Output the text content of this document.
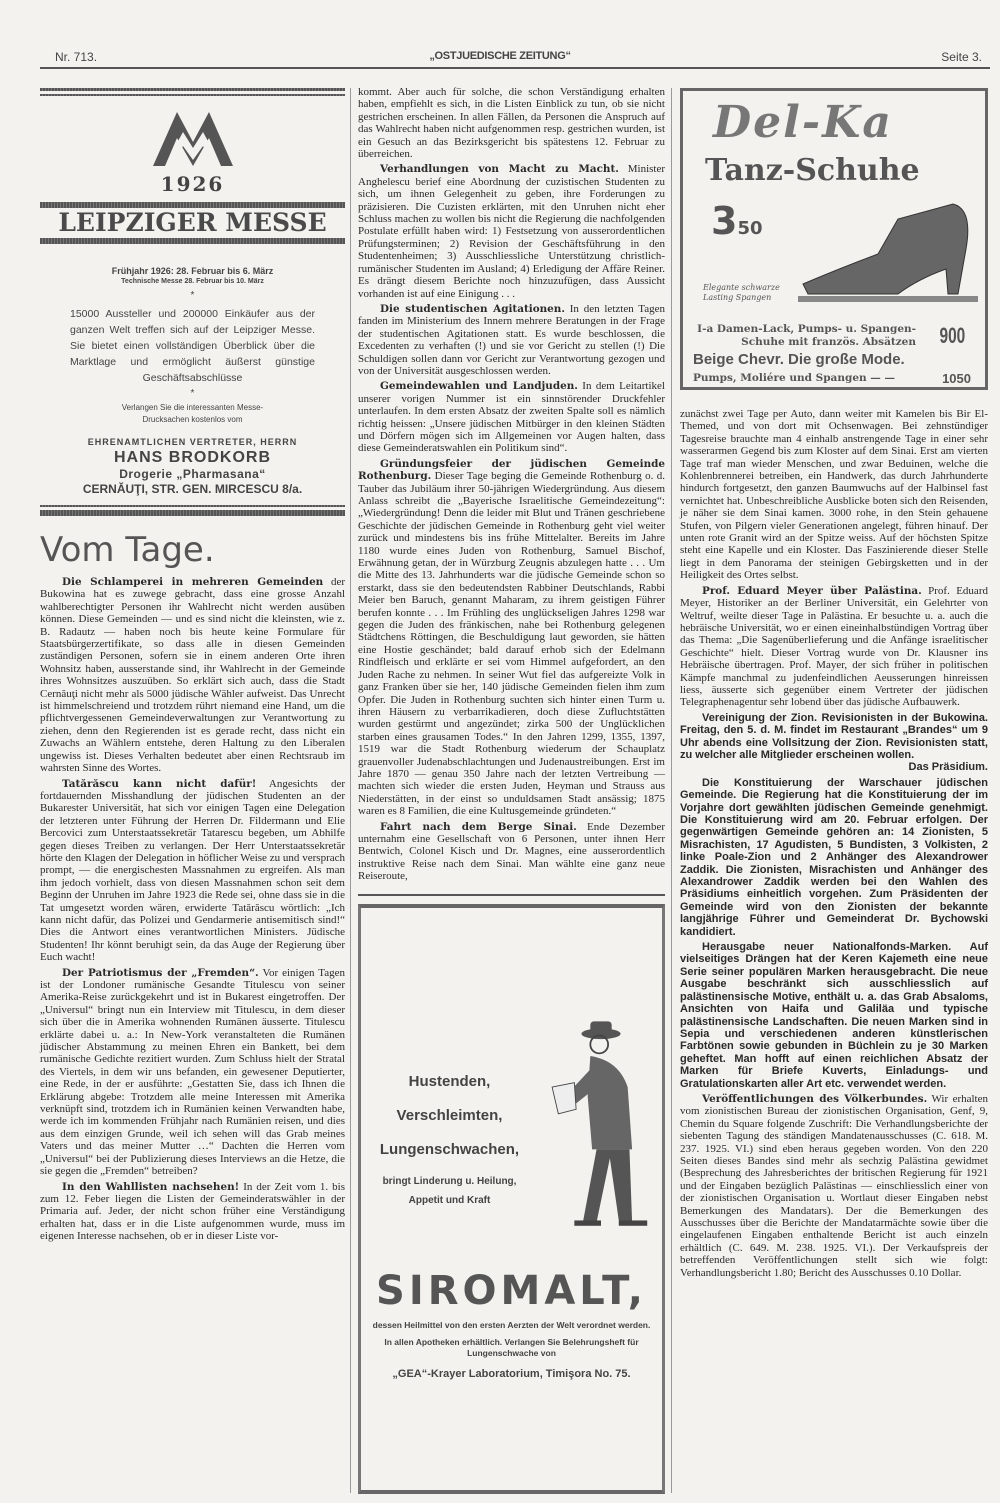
Nr. 713.	„OSTJUEDISCHE ZEITUNG“	Seite 3.
1926
LEIPZIGER MESSE
Frühjahr 1926: 28. Februar bis 6. März
Technische Messe 28. Februar bis 10. März
*
15000 Aussteller und 200000 Einkäufer aus der ganzen Welt treffen sich auf der Leipziger Messe. Sie bietet einen vollständigen Überblick über die Marktlage und ermöglicht äußerst günstige Geschäftsabschlüsse
*
Verlangen Sie die interessanten Messe-Drucksachen kostenlos vom
EHRENAMTLICHEN VERTRETER, HERRN
HANS BRODKORB
Drogerie „Pharmasana“
CERNĂUŢI, STR. GEN. MIRCESCU 8/a.
Vom Tage.

Die Schlamperei in mehreren Gemeinden der Bukowina hat es zuwege gebracht, dass eine grosse Anzahl wahlberechtigter Personen ihr Wahlrecht nicht werden ausüben können. Diese Gemeinden — und es sind nicht die kleinsten, wie z. B. Radautz — haben noch bis heute keine Formulare für Staatsbürgerzertifikate, so dass alle in diesen Gemeinden zuständigen Personen, sofern sie in einem anderen Orte ihren Wohnsitz haben, ausserstande sind, ihr Wahlrecht in der Gemeinde ihres Wohnsitzes auszuüben. So erklärt sich auch, dass die Stadt Cernăuţi nicht mehr als 5000 jüdische Wähler aufweist. Das Unrecht ist himmelschreiend und trotzdem rührt niemand eine Hand, um die pflichtvergessenen Gemeindeverwaltungen zur Verantwortung zu ziehen, denn den Regierenden ist es gerade recht, dass nicht ein Zuwachs an Wählern entstehe, deren Haltung zu den Liberalen ungewiss ist. Dieses Verhalten bedeutet aber einen Rechtsraub im wahrsten Sinne des Wortes.

Tatărăscu kann nicht dafür! Angesichts der fortdauernden Misshandlung der jüdischen Studenten an der Bukarester Universität, hat sich vor einigen Tagen eine Delegation der letzteren unter Führung der Herren Dr. Fildermann und Elie Bercovici zum Unterstaatssekretär Tatarescu begeben, um Abhilfe gegen dieses Treiben zu verlangen. Der Herr Unterstaatssekretär hörte den Klagen der Delegation in höflicher Weise zu und versprach prompt, — die energischesten Massnahmen zu ergreifen. Als man ihm jedoch vorhielt, dass von diesen Massnahmen schon seit dem Beginn der Unruhen im Jahre 1923 die Rede sei, ohne dass sie in die Tat umgesetzt worden wären, erwiderte Tatărăscu wörtlich: „Ich kann nicht dafür, das Polizei und Gendarmerie antisemitisch sind!“ Dies die Antwort eines verantwortlichen Ministers. Jüdische Studenten! Ihr könnt beruhigt sein, da das Auge der Regierung über Euch wacht!

Der Patriotismus der „Fremden“. Vor einigen Tagen ist der Londoner rumänische Gesandte Titulescu von seiner Amerika-Reise zurückgekehrt und ist in Bukarest eingetroffen. Der „Universul“ bringt nun ein Interview mit Titulescu, in dem dieser sich über die in Amerika wohnenden Rumänen äusserte. Titulescu erklärte dabei u. a.: In New-York veranstalteten die Rumänen jüdischer Abstammung zu meinen Ehren ein Bankett, bei dem rumänische Gedichte rezitiert wurden. Zum Schluss hielt der Stratal des Viertels, in dem wir uns befanden, ein gewesener Deputierter, eine Rede, in der er ausführte: „Gestatten Sie, dass ich Ihnen die Erklärung abgebe: Trotzdem alle meine Interessen mit Amerika verknüpft sind, trotzdem ich in Rumänien keinen Verwandten habe, werde ich im kommenden Frühjahr nach Rumänien reisen, und dies aus dem einzigen Grunde, weil ich sehen will das Grab meines Vaters und das meiner Mutter …“ Dachten die Herren vom „Universul“ bei der Publizierung dieses Interviews an die Hetze, die sie gegen die „Fremden“ betreiben?

In den Wahllisten nachsehen! In der Zeit vom 1. bis zum 12. Feber liegen die Listen der Gemeinderatswähler in der Primaria auf. Jeder, der nicht schon früher eine Verständigung erhalten hat, dass er in die Liste aufgenommen wurde, muss im eigenen Interesse nachsehen, ob er in dieser Liste vor-

kommt. Aber auch für solche, die schon Verständigung erhalten haben, empfiehlt es sich, in die Listen Einblick zu tun, ob sie nicht gestrichen erscheinen. In allen Fällen, da Personen die Anspruch auf das Wahlrecht haben nicht aufgenommen resp. gestrichen wurden, ist ein Gesuch an das Bezirksgericht bis spätestens 12. Februar zu überreichen.

Verhandlungen von Macht zu Macht. Minister Anghelescu berief eine Abordnung der cuzistischen Studenten zu sich, um ihnen Gelegenheit zu geben, ihre Forderungen zu präzisieren. Die Cuzisten erklärten, mit den Unruhen nicht eher Schluss machen zu wollen bis nicht die Regierung die nachfolgenden Postulate erfüllt haben wird: 1) Festsetzung von ausserordentlichen Prüfungsterminen; 2) Revision der Geschäftsführung in den Studentenheimen; 3) Ausschliessliche Unterstützung christlich-rumänischer Studenten im Ausland; 4) Erledigung der Affäre Reiner. Es drängt diesem Berichte noch hinzuzufügen, dass Aussicht vorhanden ist auf eine Einigung . . .

Die studentischen Agitationen. In den letzten Tagen fanden im Ministerium des Innern mehrere Beratungen in der Frage der studentischen Agitationen statt. Es wurde beschlossen, die Excedenten zu verhaften (!) und sie vor Gericht zu stellen (!) Die Schuldigen sollen dann vor Gericht zur Verantwortung gezogen und von der Universität ausgeschlossen werden.

Gemeindewahlen und Landjuden. In dem Leitartikel unserer vorigen Nummer ist ein sinnstörender Druckfehler unterlaufen. In dem ersten Absatz der zweiten Spalte soll es nämlich richtig heissen: „Unsere jüdischen Mitbürger in den kleinen Städten und Dörfern mögen sich im Allgemeinen vor Augen halten, dass diese Gemeinderatswahlen ein Politikum sind“.

Gründungsfeier der jüdischen Gemeinde Rothenburg. Dieser Tage beging die Gemeinde Rothenburg o. d. Tauber das Jubiläum ihrer 50-jährigen Wiedergründung. Aus diesem Anlass schreibt die „Bayerische Israelitische Gemeindezeitung“: „Wiedergründung! Denn die leider mit Blut und Tränen geschriebene Geschichte der jüdischen Gemeinde in Rothenburg geht viel weiter zurück und mindestens bis ins frühe Mittelalter. Bereits im Jahre 1180 wurde eines Juden von Rothenburg, Samuel Bischof, Erwähnung getan, der in Würzburg Zeugnis abzulegen hatte . . . Um die Mitte des 13. Jahrhunderts war die jüdische Gemeinde schon so erstarkt, dass sie den bedeutendsten Rabbiner Deutschlands, Rabbi Meier ben Baruch, genannt Maharam, zu ihrem geistigen Führer berufen konnte . . . Im Frühling des unglückseligen Jahres 1298 war gegen die Juden des fränkischen, nahe bei Rothenburg gelegenen Städtchens Röttingen, die Beschuldigung laut geworden, sie hätten eine Hostie geschändet; bald darauf erhob sich der Edelmann Rindfleisch und erklärte er sei vom Himmel aufgefordert, an den Juden Rache zu nehmen. In seiner Wut fiel das aufgereizte Volk in ganz Franken über sie her, 140 jüdische Gemeinden fielen ihm zum Opfer. Die Juden in Rothenburg suchten sich hinter einen Turm u. ihren Häusern zu verbarrikadieren, doch diese Zufluchtstätten wurden gestürmt und angezündet; zirka 500 der Unglücklichen starben eines grausamen Todes.“ In den Jahren 1299, 1355, 1397, 1519 war die Stadt Rothenburg wiederum der Schauplatz grauenvoller Judenabschlachtungen und Judenaustreibungen. Erst im Jahre 1870 — genau 350 Jahre nach der letzten Vertreibung — machten sich wieder die ersten Juden, Heyman und Strauss aus Niederstätten, in der einst so unduldsamen Stadt ansässig; 1875 waren es 8 Familien, die eine Kultusgemeinde gründeten.“

Fahrt nach dem Berge Sinai. Ende Dezember unternahm eine Gesellschaft von 6 Personen, unter ihnen Herr Bentwich, Colonel Kisch und Dr. Magnes, eine ausserordentlich instruktive Reise nach dem Sinai. Man wählte eine ganz neue Reiseroute,

Hustenden,
Verschleimten,
Lungenschwachen,
bringt Linderung u. Heilung,
Appetit und Kraft
SIROMALT,
dessen Heilmittel von den ersten Aerzten der Welt verordnet werden.
In allen Apotheken erhältlich. Verlangen Sie Belehrungsheft für Lungenschwache von
„GEA“-Krayer Laboratorium, Timişora No. 75.
Del-Ka
Tanz-Schuhe
350
Elegante schwarze Lasting Spangen
I-a Damen-Lack, Pumps- u. Spangen-Schuhe mit französ. Absätzen 900
Beige Chevr. Die große Mode.
Pumps, Moliére und Spangen — —	1050

zunächst zwei Tage per Auto, dann weiter mit Kamelen bis Bir El-Themed, und von dort mit Ochsenwagen. Bei zehnstündiger Tagesreise brauchte man 4 einhalb anstrengende Tage in einer sehr wasserarmen Gegend bis zum Kloster auf dem Sinai. Erst am vierten Tage traf man wieder Menschen, und zwar Beduinen, welche die Kohlenbrennerei betreiben, ein Handwerk, das durch Jahrhunderte hindurch fortgesetzt, den ganzen Baumwuchs auf der Halbinsel fast vernichtet hat. Unbeschreibliche Ausblicke boten sich den Reisenden, je näher sie dem Sinai kamen. 3000 rohe, in den Stein gehauene Stufen, von Pilgern vieler Generationen angelegt, führen hinauf. Der unten rote Granit wird an der Spitze weiss. Auf der höchsten Spitze steht eine Kapelle und ein Kloster. Das Faszinierende dieser Stelle liegt in dem Panorama der steinigen Gebirgsketten und in der Heiligkeit des Ortes selbst.

Prof. Eduard Meyer über Palästina. Prof. Eduard Meyer, Historiker an der Berliner Universität, ein Gelehrter von Weltruf, weilte dieser Tage in Palästina. Er besuchte u. a. auch die hebräische Universität, wo er einen eineinhalbstündigen Vortrag über das Thema: „Die Sagenüberlieferung und die Anfänge israelitischer Geschichte“ hielt. Dieser Vortrag wurde von Dr. Klausner ins Hebräische übertragen. Prof. Mayer, der sich früher in politischen Kämpfe manchmal zu judenfeindlichen Aeusserungen hinreissen liess, äusserte sich gegenüber einem Vertreter der jüdischen Telegraphenagentur sehr lobend über das jüdische Aufbauwerk.

Vereinigung der Zion. Revisionisten in der Bukowina. Freitag, den 5. d. M. findet im Restaurant „Brandes“ um 9 Uhr abends eine Vollsitzung der Zion. Revisionisten statt, zu welcher alle Mitglieder erscheinen wollen.
Das Präsidium.

Die Konstituierung der Warschauer jüdischen Gemeinde. Die Regierung hat die Konstituierung der im Vorjahre dort gewählten jüdischen Gemeinde genehmigt. Die Konstituierung wird am 20. Februar erfolgen. Der gegenwärtigen Gemeinde gehören an: 14 Zionisten, 5 Misrachisten, 17 Agudisten, 5 Bundisten, 3 Volkisten, 2 linke Poale-Zion und 2 Anhänger des Alexandrower Zaddik. Die Zionisten, Misrachisten und Anhänger des Alexandrower Zaddik werden bei den Wahlen des Präsidiums einheitlich vorgehen. Zum Präsidenten der Gemeinde wird von den Zionisten der bekannte langjährige Führer und Gemeinderat Dr. Bychowski kandidiert.

Herausgabe neuer Nationalfonds-Marken. Auf vielseitiges Drängen hat der Keren Kajemeth eine neue Serie seiner populären Marken herausgebracht. Die neue Ausgabe beschränkt sich ausschliesslich auf palästinensische Motive, enthält u. a. das Grab Absaloms, Ansichten von Haifa und Galiläa und typische palästinensische Landschaften. Die neuen Marken sind in Sepia und verschiedenen anderen künstlerischen Farbtönen sowie gebunden in Büchlein zu je 30 Marken geheftet. Man hofft auf einen reichlichen Absatz der Marken für Briefe Kuverts, Einladungs- und Gratulationskarten aller Art etc. verwendet werden.

Veröffentlichungen des Völkerbundes. Wir erhalten vom zionistischen Bureau der zionistischen Organisation, Genf, 9, Chemin du Square folgende Zuschrift: Die Verhandlungsberichte der siebenten Tagung des ständigen Mandatenausschusses (C. 618. M. 237. 1925. VI.) sind eben heraus gegeben worden. Von den 220 Seiten dieses Bandes sind mehr als sechzig Palästina gewidmet (Besprechung des Jahresberichtes der britischen Regierung für 1921 und der Eingaben bezüglich Palästinas — einschliesslich einer von der zionistischen Organisation u. Wortlaut dieser Eingaben nebst Bemerkungen des Mandatars). Der die Bemerkungen des Ausschusses über die Berichte der Mandatarmächte sowie über die eingelaufenen Eingaben enthaltende Bericht ist auch einzeln erhältlich (C. 649. M. 238. 1925. VI.). Der Verkaufspreis der betreffenden Veröffentlichungen stellt sich wie folgt: Verhandlungsbericht 1.80; Bericht des Ausschusses 0.10 Dollar.
